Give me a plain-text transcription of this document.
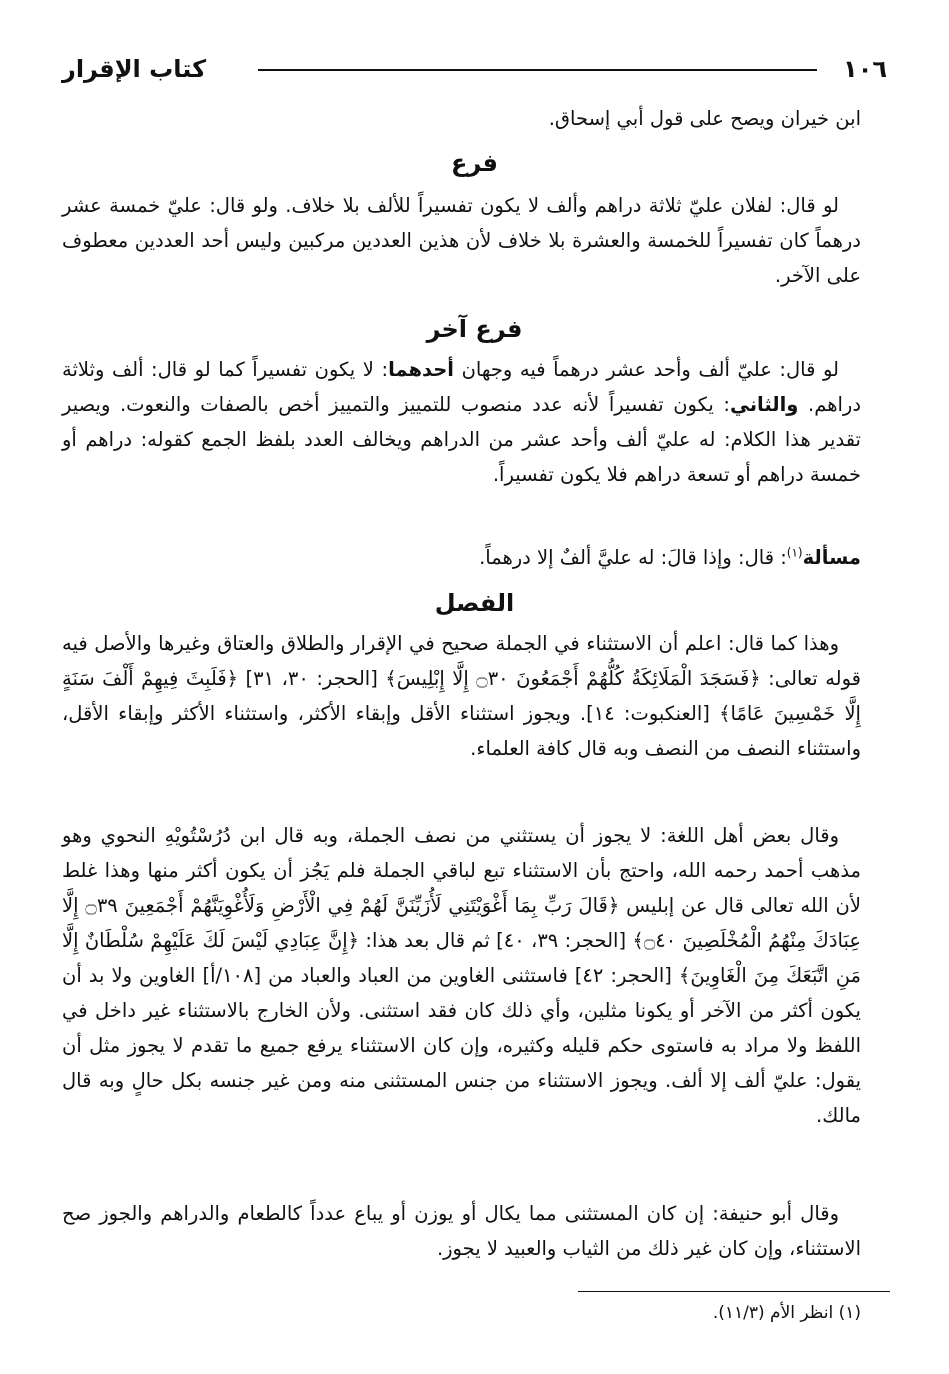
١٠٦
كتاب الإقرار

ابن خيران ويصح على قول أبي إسحاق.

فرع

لو قال: لفلان عليّ ثلاثة دراهم وألف لا يكون تفسيراً للألف بلا خلاف. ولو قال: عليّ خمسة عشر درهماً كان تفسيراً للخمسة والعشرة بلا خلاف لأن هذين العددين مركبين وليس أحد العددين معطوف على الآخر.

فرع آخر

لو قال: عليّ ألف وأحد عشر درهماً فيه وجهان أحدهما: لا يكون تفسيراً كما لو قال: ألف وثلاثة دراهم. والثاني: يكون تفسيراً لأنه عدد منصوب للتمييز والتمييز أخص بالصفات والنعوت. ويصير تقدير هذا الكلام: له عليّ ألف وأحد عشر من الدراهم ويخالف العدد بلفظ الجمع كقوله: دراهم أو خمسة دراهم أو تسعة دراهم فلا يكون تفسيراً.

مسألة$^{(١)}$: قال: وإذا قالَ: له عليَّ ألفٌ إلا درهماً.

الفصل

وهذا كما قال: اعلم أن الاستثناء في الجملة صحيح في الإقرار والطلاق والعتاق وغيرها والأصل فيه قوله تعالى: ﴿فَسَجَدَ الْمَلَائِكَةُ كُلُّهُمْ أَجْمَعُونَ ۝٣٠ إِلَّا إِبْلِيسَ﴾ [الحجر: ٣٠، ٣١] ﴿فَلَبِثَ فِيهِمْ أَلْفَ سَنَةٍ إِلَّا خَمْسِينَ عَامًا﴾ [العنكبوت: ١٤]. ويجوز استثناء الأقل وإبقاء الأكثر، واستثناء الأكثر وإبقاء الأقل، واستثناء النصف من النصف وبه قال كافة العلماء.

وقال بعض أهل اللغة: لا يجوز أن يستثني من نصف الجملة، وبه قال ابن دُرُسْتُويْهِ النحوي وهو مذهب أحمد رحمه الله، واحتج بأن الاستثناء تبع لباقي الجملة فلم يَجُز أن يكون أكثر منها وهذا غلط لأن الله تعالى قال عن إبليس ﴿قَالَ رَبِّ بِمَا أَغْوَيْتَنِي لَأُزَيِّنَنَّ لَهُمْ فِي الْأَرْضِ وَلَأُغْوِيَنَّهُمْ أَجْمَعِينَ ۝٣٩ إِلَّا عِبَادَكَ مِنْهُمُ الْمُخْلَصِينَ ۝٤٠﴾ [الحجر: ٣٩، ٤٠] ثم قال بعد هذا: ﴿إِنَّ عِبَادِي لَيْسَ لَكَ عَلَيْهِمْ سُلْطَانٌ إِلَّا مَنِ اتَّبَعَكَ مِنَ الْغَاوِينَ﴾ [الحجر: ٤٢] فاستثنى الغاوين من العباد والعباد من [١٠٨/أ] الغاوين ولا بد أن يكون أكثر من الآخر أو يكونا مثلين، وأي ذلك كان فقد استثنى. ولأن الخارج بالاستثناء غير داخل في اللفظ ولا مراد به فاستوى حكم قليله وكثيره، وإن كان الاستثناء يرفع جميع ما تقدم لا يجوز مثل أن يقول: عليّ ألف إلا ألف. ويجوز الاستثناء من جنس المستثنى منه ومن غير جنسه بكل حالٍ وبه قال مالك.

وقال أبو حنيفة: إن كان المستثنى مما يكال أو يوزن أو يباع عدداً كالطعام والدراهم والجوز صح الاستثناء، وإن كان غير ذلك من الثياب والعبيد لا يجوز.

(١) انظر الأم (١١/٣).
